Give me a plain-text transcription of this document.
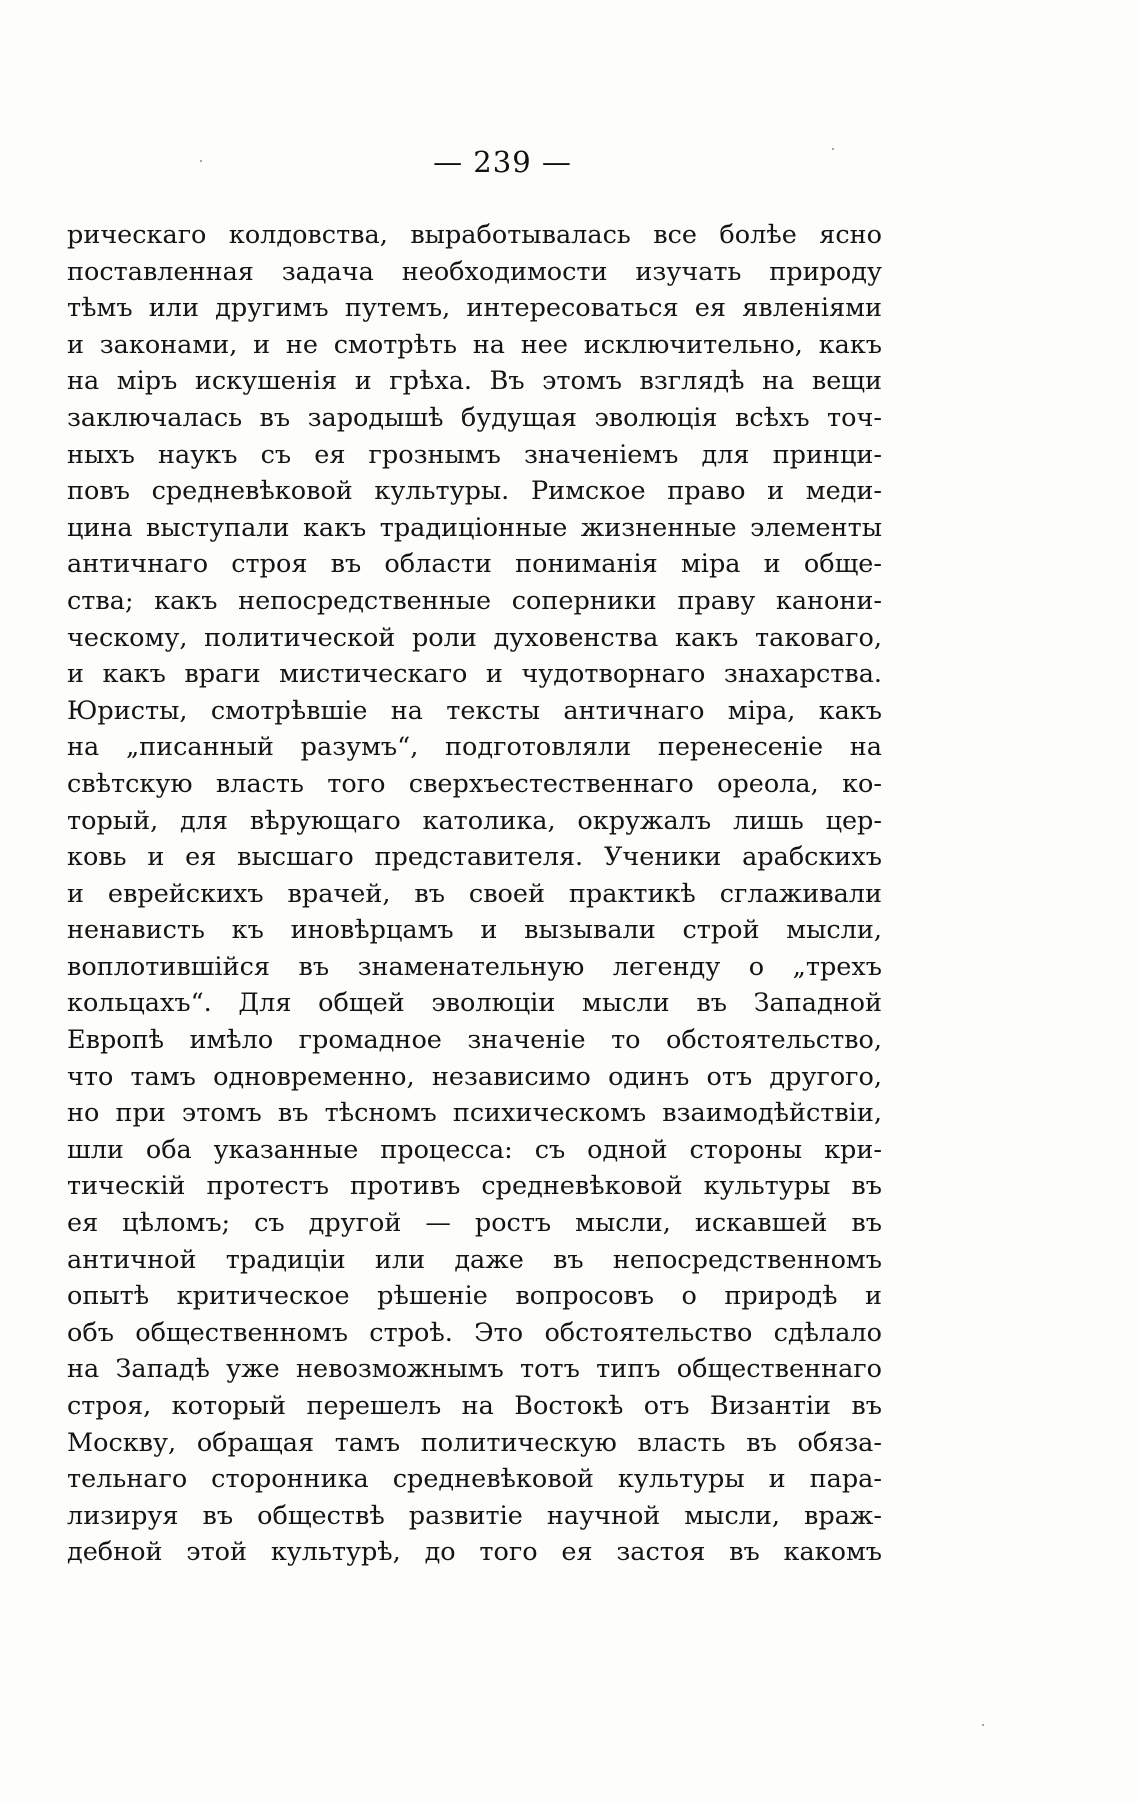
— 239 —
рическаго колдовства, выработывалась все болѣе ясно
поставленная задача необходимости изучать природу
тѣмъ или другимъ путемъ, интересоваться ея явленіями
и законами, и не смотрѣть на нее исключительно, какъ
на міръ искушенія и грѣха. Въ этомъ взглядѣ на вещи
заключалась въ зародышѣ будущая эволюція всѣхъ точ-
ныхъ наукъ съ ея грознымъ значеніемъ для принци-
повъ средневѣковой культуры. Римское право и меди-
цина выступали какъ традиціонные жизненные элементы
античнаго строя въ области пониманія міра и обще-
ства; какъ непосредственные соперники праву канони-
ческому, политической роли духовенства какъ таковаго,
и какъ враги мистическаго и чудотворнаго знахарства.
Юристы, смотрѣвшіе на тексты античнаго міра, какъ
на „писанный разумъ“, подготовляли перенесеніе на
свѣтскую власть того сверхъестественнаго ореола, ко-
торый, для вѣрующаго католика, окружалъ лишь цер-
ковь и ея высшаго представителя. Ученики арабскихъ
и еврейскихъ врачей, въ своей практикѣ сглаживали
ненависть къ иновѣрцамъ и вызывали строй мысли,
воплотившійся въ знаменательную легенду о „трехъ
кольцахъ“. Для общей эволюціи мысли въ Западной
Европѣ имѣло громадное значеніе то обстоятельство,
что тамъ одновременно, независимо одинъ отъ другого,
но при этомъ въ тѣсномъ психическомъ взаимодѣйствіи,
шли оба указанные процесса: съ одной стороны кри-
тическій протестъ противъ средневѣковой культуры въ
ея цѣломъ; съ другой — ростъ мысли, искавшей въ
античной традиціи или даже въ непосредственномъ
опытѣ критическое рѣшеніе вопросовъ о природѣ и
объ общественномъ строѣ. Это обстоятельство сдѣлало
на Западѣ уже невозможнымъ тотъ типъ общественнаго
строя, который перешелъ на Востокѣ отъ Византіи въ
Москву, обращая тамъ политическую власть въ обяза-
тельнаго сторонника средневѣковой культуры и пара-
лизируя въ обществѣ развитіе научной мысли, враж-
дебной этой культурѣ, до того ея застоя въ какомъ
